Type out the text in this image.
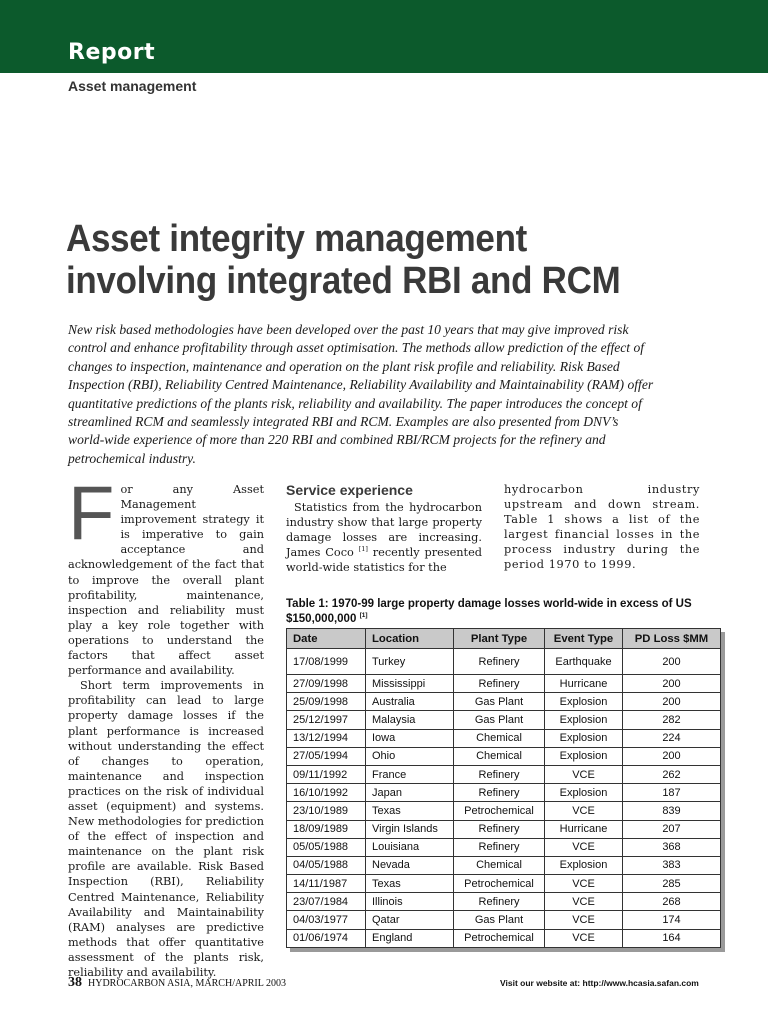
Report
Asset management
Asset integrity management involving integrated RBI and RCM
New risk based methodologies have been developed over the past 10 years that may give improved risk control and enhance profitability through asset optimisation. The methods allow prediction of the effect of changes to inspection, maintenance and operation on the plant risk profile and reliability. Risk Based Inspection (RBI), Reliability Centred Maintenance, Reliability Availability and Maintainability (RAM) offer quantitative predictions of the plants risk, reliability and availability. The paper introduces the concept of streamlined RCM and seamlessly integrated RBI and RCM. Examples are also presented from DNV’s world-wide experience of more than 220 RBI and combined RBI/RCM projects for the refinery and petrochemical industry.

For any Asset Management improvement strategy it is imperative to gain acceptance and acknowledgement of the fact that to improve the overall plant profitability, maintenance, inspection and reliability must play a key role together with operations to understand the factors that affect asset performance and availability.

Short term improvements in profitability can lead to large property damage losses if the plant performance is increased without understanding the effect of changes to operation, maintenance and inspection practices on the risk of individual asset (equipment) and systems. New methodologies for prediction of the effect of inspection and maintenance on the plant risk profile are available. Risk Based Inspection (RBI), Reliability Centred Maintenance, Reliability Availability and Maintainability (RAM) analyses are predictive methods that offer quantitative assessment of the plants risk, reliability and availability.

Service experience

Statistics from the hydrocarbon industry show that large property damage losses are increasing. James Coco [1] recently presented world-wide statistics for the

hydrocarbon industry upstream and down stream. Table 1 shows a list of the largest financial losses in the process industry during the period 1970 to 1999.

Table 1: 1970-99 large property damage losses world-wide in excess of US $150,000,000 [1]
Date	Location	Plant Type	Event Type	PD Loss $MM
17/08/1999	Turkey	Refinery	Earthquake	200
27/09/1998	Mississippi	Refinery	Hurricane	200
25/09/1998	Australia	Gas Plant	Explosion	200
25/12/1997	Malaysia	Gas Plant	Explosion	282
13/12/1994	Iowa	Chemical	Explosion	224
27/05/1994	Ohio	Chemical	Explosion	200
09/11/1992	France	Refinery	VCE	262
16/10/1992	Japan	Refinery	Explosion	187
23/10/1989	Texas	Petrochemical	VCE	839
18/09/1989	Virgin Islands	Refinery	Hurricane	207
05/05/1988	Louisiana	Refinery	VCE	368
04/05/1988	Nevada	Chemical	Explosion	383
14/11/1987	Texas	Petrochemical	VCE	285
23/07/1984	Illinois	Refinery	VCE	268
04/03/1977	Qatar	Gas Plant	VCE	174
01/06/1974	England	Petrochemical	VCE	164
38 HYDROCARBON ASIA, MARCH/APRIL 2003	Visit our website at: http://www.hcasia.safan.com
